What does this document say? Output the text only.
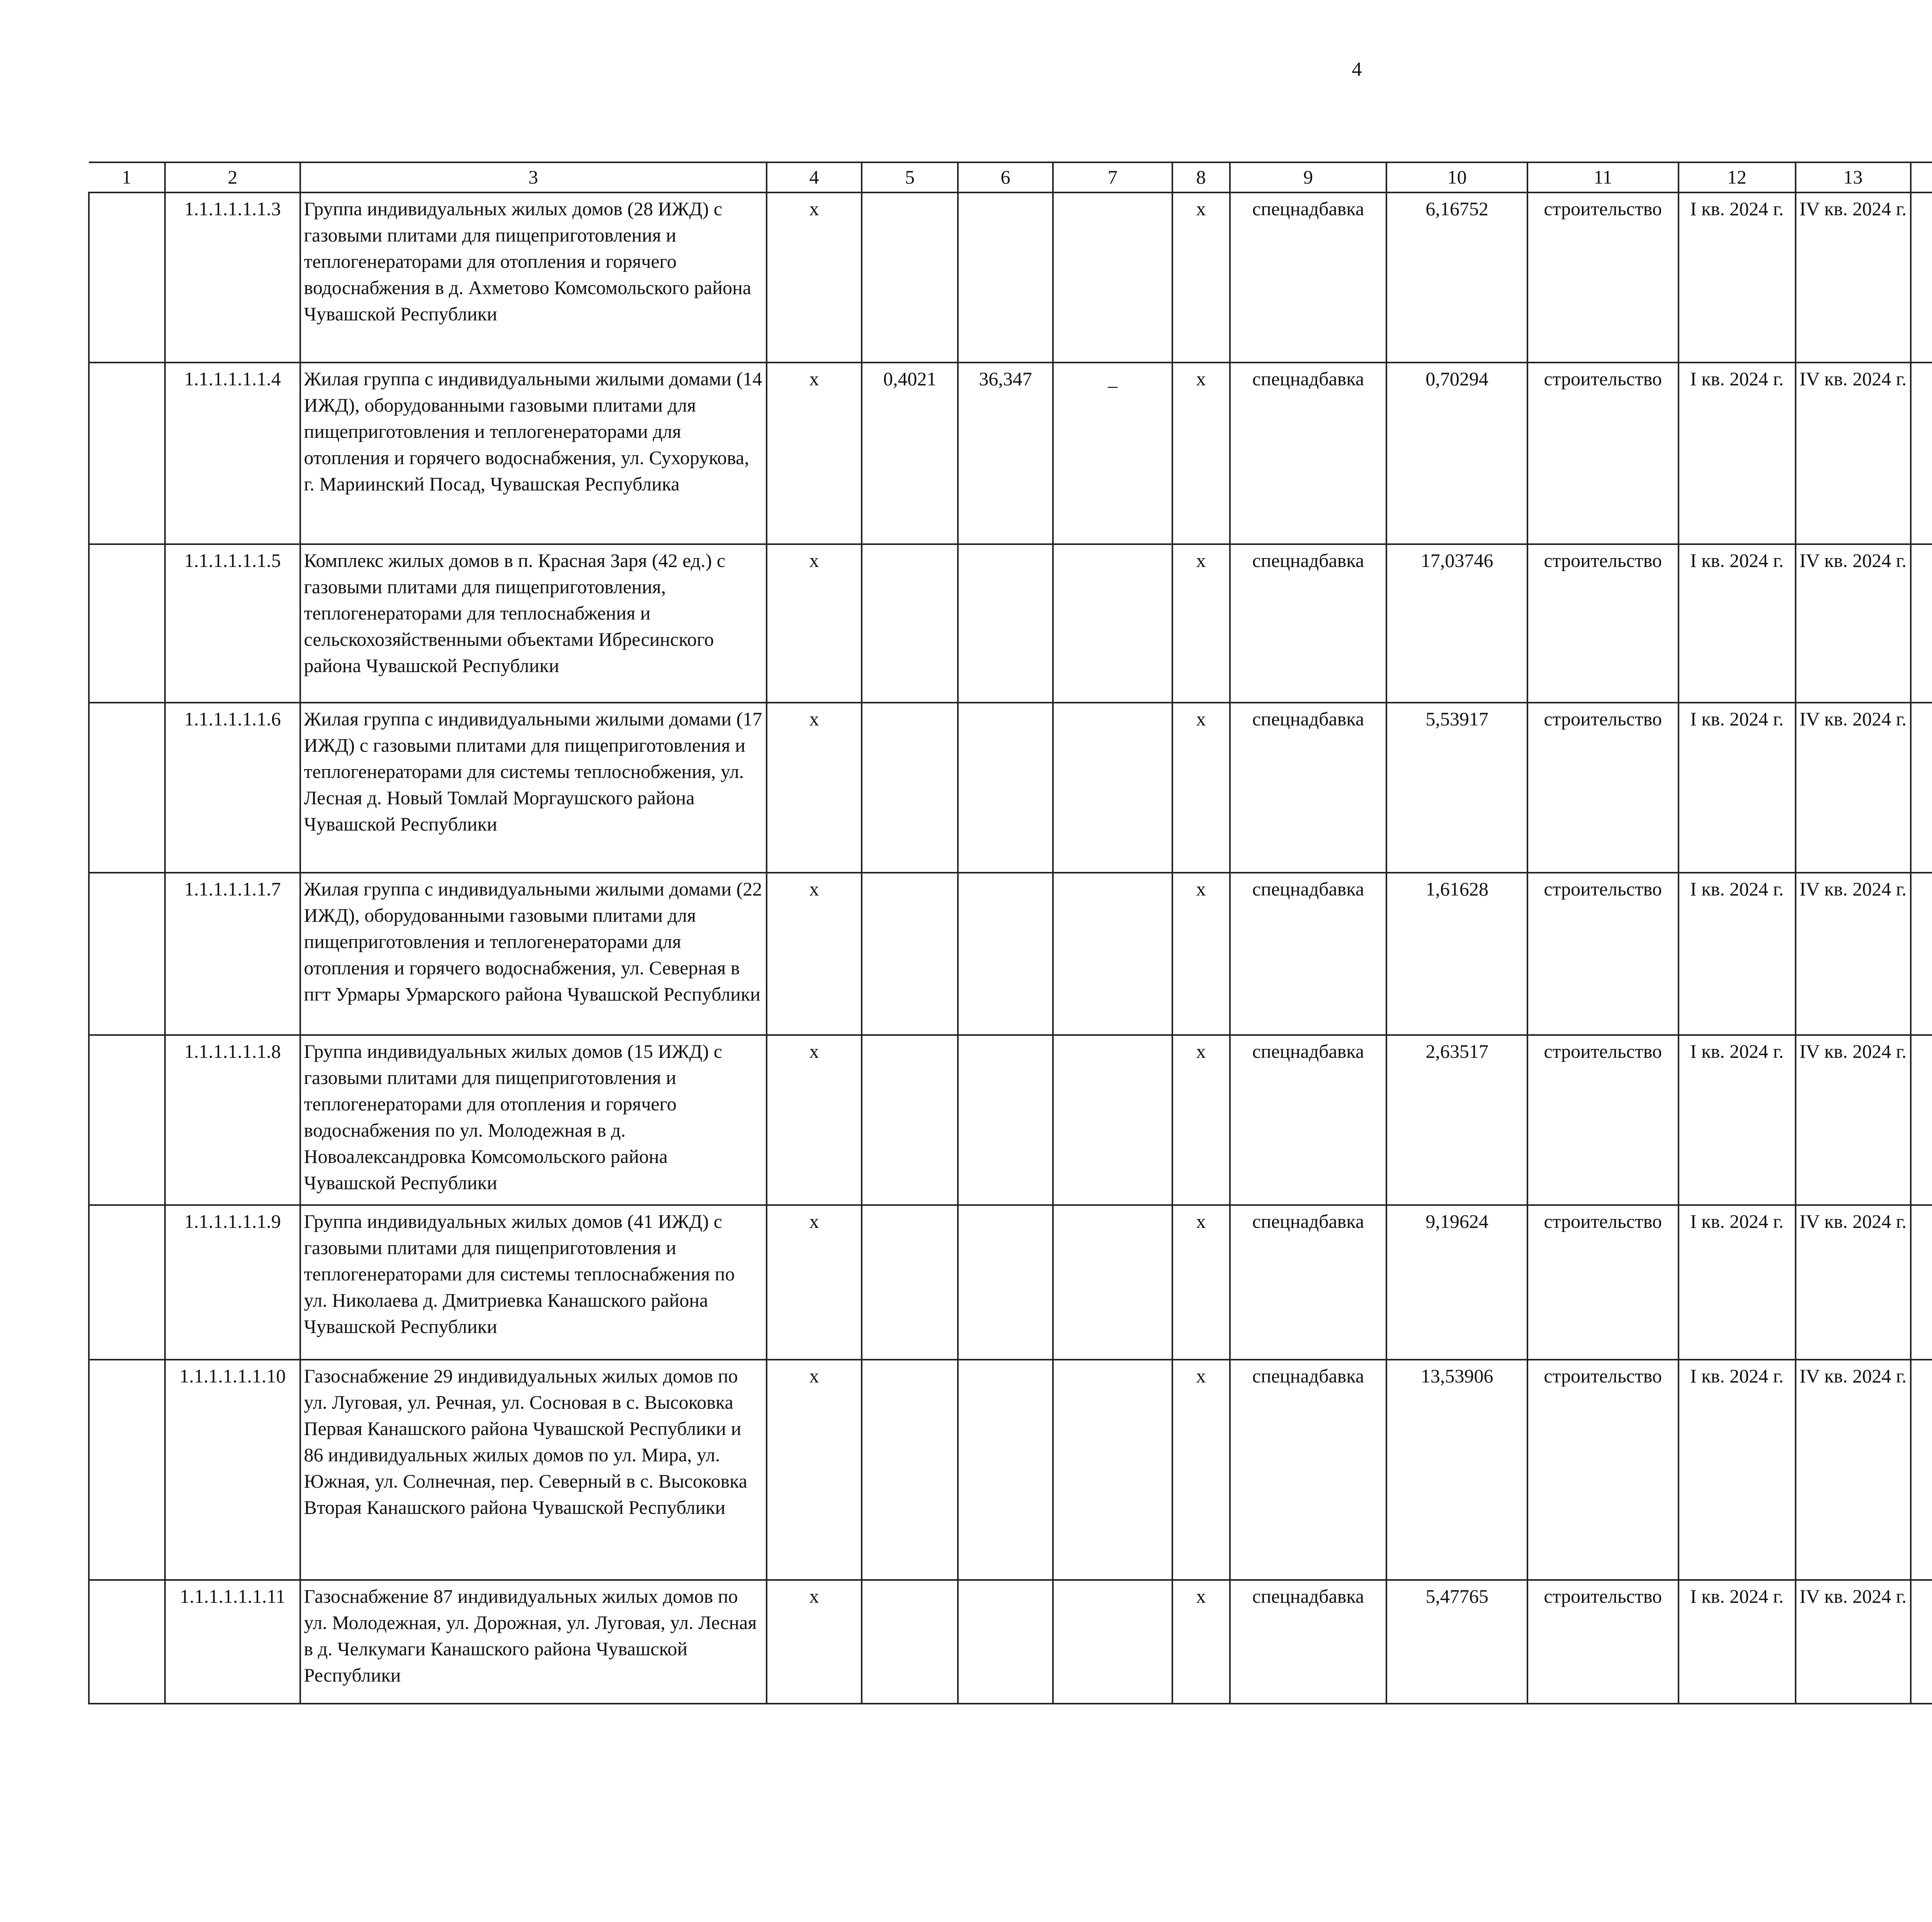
4
1	2	3	4	5	6	7	8	9	10	11	12	13						
	1.1.1.1.1.1.3	Группа индивидуальных жилых домов (28 ИЖД) с газовыми плитами для пищеприготовления и теплогенераторами для отопления и горячего водоснабжения в д. Ахметово Комсомольского района Чувашской Республики	х				х	спецнадбавка	6,16752	строительство	I кв. 2024 г.	IV кв. 2024 г.						
	1.1.1.1.1.1.4	Жилая группа с индивидуальными жилыми домами (14 ИЖД), оборудованными газовыми плитами для пищеприготовления и теплогенераторами для отопления и горячего водоснабжения, ул. Сухорукова, г. Мариинский Посад, Чувашская Республика	х	0,4021	36,347	_	х	спецнадбавка	0,70294	строительство	I кв. 2024 г.	IV кв. 2024 г.						
	1.1.1.1.1.1.5	Комплекс жилых домов в п. Красная Заря (42 ед.) с газовыми плитами для пищеприготовления, теплогенераторами для теплоснабжения и сельскохозяйственными объектами Ибресинского района Чувашской Республики	х				х	спецнадбавка	17,03746	строительство	I кв. 2024 г.	IV кв. 2024 г.						
	1.1.1.1.1.1.6	Жилая группа с индивидуальными жилыми домами (17 ИЖД) с газовыми плитами для пищеприготовления и теплогенераторами для системы теплоснобжения, ул. Лесная д. Новый Томлай Моргаушского района Чувашской Республики	х				х	спецнадбавка	5,53917	строительство	I кв. 2024 г.	IV кв. 2024 г.						
	1.1.1.1.1.1.7	Жилая группа с индивидуальными жилыми домами (22 ИЖД), оборудованными газовыми плитами для пищеприготовления и теплогенераторами для отопления и горячего водоснабжения, ул. Северная в пгт Урмары Урмарского района Чувашской Республики	х				х	спецнадбавка	1,61628	строительство	I кв. 2024 г.	IV кв. 2024 г.						
	1.1.1.1.1.1.8	Группа индивидуальных жилых домов (15 ИЖД) с газовыми плитами для пищеприготовления и теплогенераторами для отопления и горячего водоснабжения по ул. Молодежная в д. Новоалександровка Комсомольского района Чувашской Республики	х				х	спецнадбавка	2,63517	строительство	I кв. 2024 г.	IV кв. 2024 г.						
	1.1.1.1.1.1.9	Группа индивидуальных жилых домов (41 ИЖД) с газовыми плитами для пищеприготовления и теплогенераторами для системы теплоснабжения по ул. Николаева д. Дмитриевка Канашского района Чувашской Республики	х				х	спецнадбавка	9,19624	строительство	I кв. 2024 г.	IV кв. 2024 г.						
	1.1.1.1.1.1.10	Газоснабжение 29 индивидуальных жилых домов по ул. Луговая, ул. Речная, ул. Сосновая в с. Высоковка Первая Канашского района Чувашской Республики и 86 индивидуальных жилых домов по ул. Мира, ул. Южная, ул. Солнечная, пер. Северный в с. Высоковка Вторая Канашского района Чувашской Республики	х				х	спецнадбавка	13,53906	строительство	I кв. 2024 г.	IV кв. 2024 г.						
	1.1.1.1.1.1.11	Газоснабжение 87 индивидуальных жилых домов по ул. Молодежная, ул. Дорожная, ул. Луговая, ул. Лесная в д. Челкумаги Канашского района Чувашской Республики	х				х	спецнадбавка	5,47765	строительство	I кв. 2024 г.	IV кв. 2024 г.						
